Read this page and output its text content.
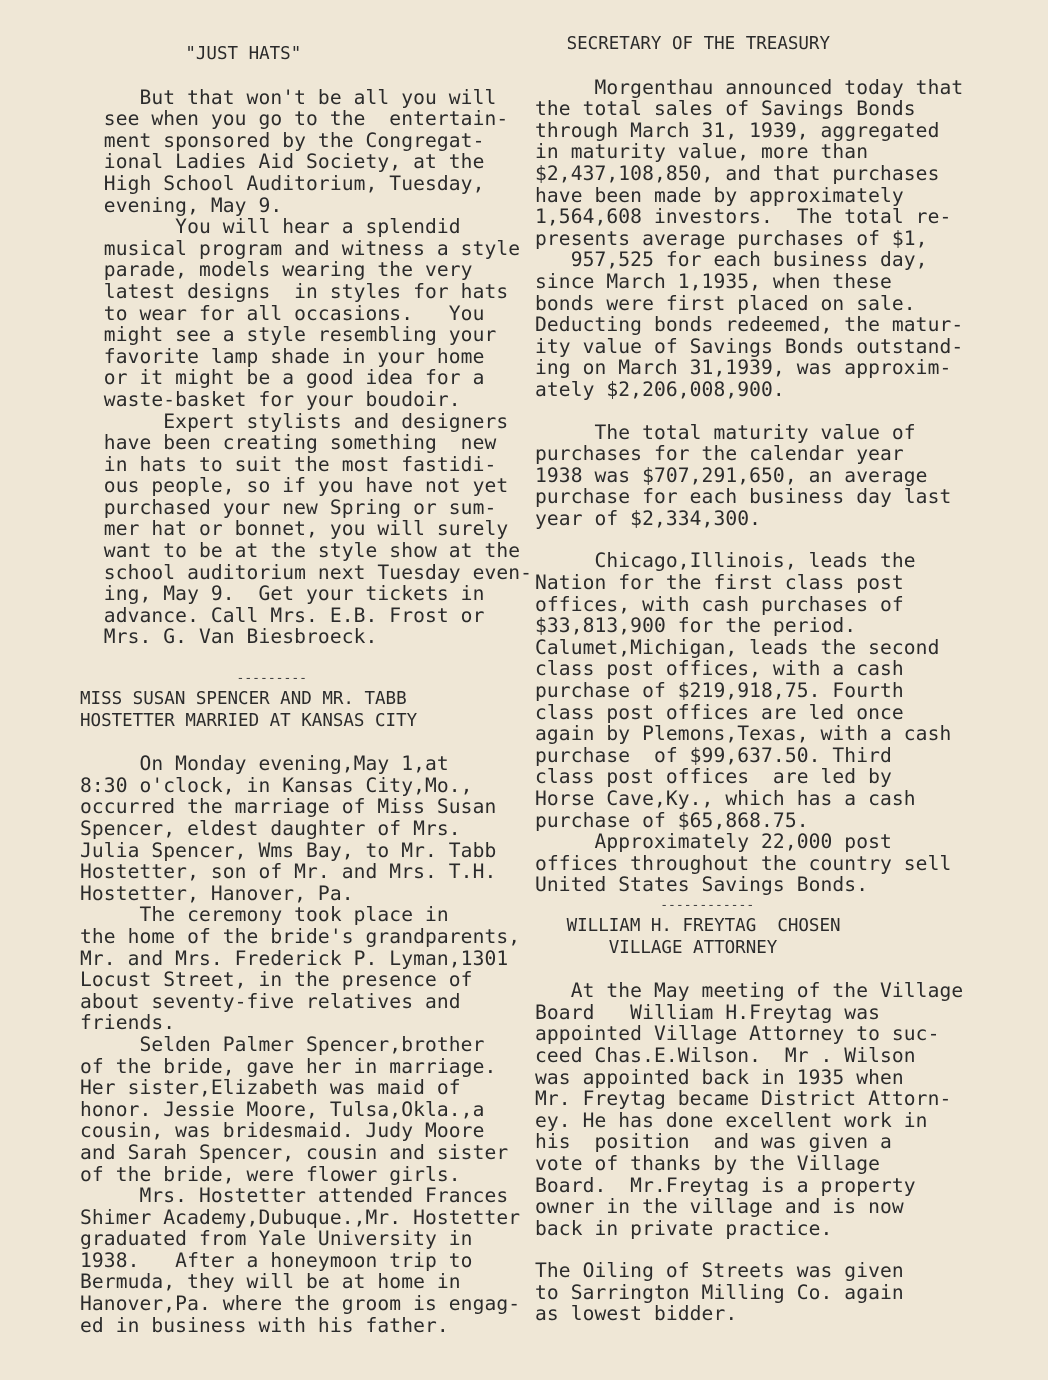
"JUST HATS"
But that won't be all you will
see when you go to the  entertain-
ment sponsored by the Congregat-
ional Ladies Aid Society, at the
High School Auditorium, Tuesday,
evening, May 9.
You will hear a splendid
musical program and witness a style
parade, models wearing the very
latest designs  in styles for hats
to wear for all occasions.   You
might see a style resembling your
favorite lamp shade in your home
or it might be a good idea for a
waste-basket for your boudoir.
Expert stylists and designers
have been creating something  new
in hats to suit the most fastidi-
ous people, so if you have not yet
purchased your new Spring or sum-
mer hat or bonnet, you will surely
want to be at the style show at the
school auditorium next Tuesday even-
ing, May 9.  Get your tickets in
advance. Call Mrs. E.B. Frost or
Mrs. G. Van Biesbroeck.
---------
MISS SUSAN SPENCER AND MR. TABB
HOSTETTER MARRIED AT KANSAS CITY
On Monday evening,May 1,at
8:30 o'clock, in Kansas City,Mo.,
occurred the marriage of Miss Susan
Spencer, eldest daughter of Mrs.
Julia Spencer, Wms Bay, to Mr. Tabb
Hostetter, son of Mr. and Mrs. T.H.
Hostetter, Hanover, Pa.
The ceremony took place in
the home of the bride's grandparents,
Mr. and Mrs. Frederick P. Lyman,1301
Locust Street, in the presence of
about seventy-five relatives and
friends.
Selden Palmer Spencer,brother
of the bride, gave her in marriage.
Her sister,Elizabeth was maid of
honor. Jessie Moore, Tulsa,Okla.,a
cousin, was bridesmaid. Judy Moore
and Sarah Spencer, cousin and sister
of the bride, were flower girls.
Mrs. Hostetter attended Frances
Shimer Academy,Dubuque.,Mr. Hostetter
graduated from Yale University in
1938.   After a honeymoon trip to
Bermuda, they will be at home in
Hanover,Pa. where the groom is engag-
ed in business with his father.
SECRETARY OF THE TREASURY
Morgenthau announced today that
the total sales of Savings Bonds
through March 31, 1939, aggregated
in maturity value, more than
$2,437,108,850, and that purchases
have been made by approximately
1,564,608 investors.  The total re-
presents average purchases of $1,
957,525 for each business day,
since March 1,1935, when these
bonds were first placed on sale.
Deducting bonds redeemed, the matur-
ity value of Savings Bonds outstand-
ing on March 31,1939, was approxim-
ately $2,206,008,900.
The total maturity value of
purchases for the calendar year
1938 was $707,291,650, an average
purchase for each business day last
year of $2,334,300.
Chicago,Illinois, leads the
Nation for the first class post
offices, with cash purchases of
$33,813,900 for the period.
Calumet,Michigan, leads the second
class post offices, with a cash
purchase of $219,918,75. Fourth
class post offices are led once
again by Plemons,Texas, with a cash
purchase  of $99,637.50. Third
class post offices  are led by
Horse Cave,Ky., which has a cash
purchase of $65,868.75.
Approximately 22,000 post
offices throughout the country sell
United States Savings Bonds.
------------
WILLIAM H. FREYTAG  CHOSEN
VILLAGE ATTORNEY
At the May meeting of the Village
Board   William H.Freytag was
appointed Village Attorney to suc-
ceed Chas.E.Wilson.  Mr . Wilson
was appointed back in 1935 when
Mr. Freytag became District Attorn-
ey. He has done excellent work in
his  position  and was given a
vote of thanks by the Village
Board.  Mr.Freytag is a property
owner in the village and is now
back in private practice.
The Oiling of Streets was given
to Sarrington Milling Co. again
as lowest bidder.
